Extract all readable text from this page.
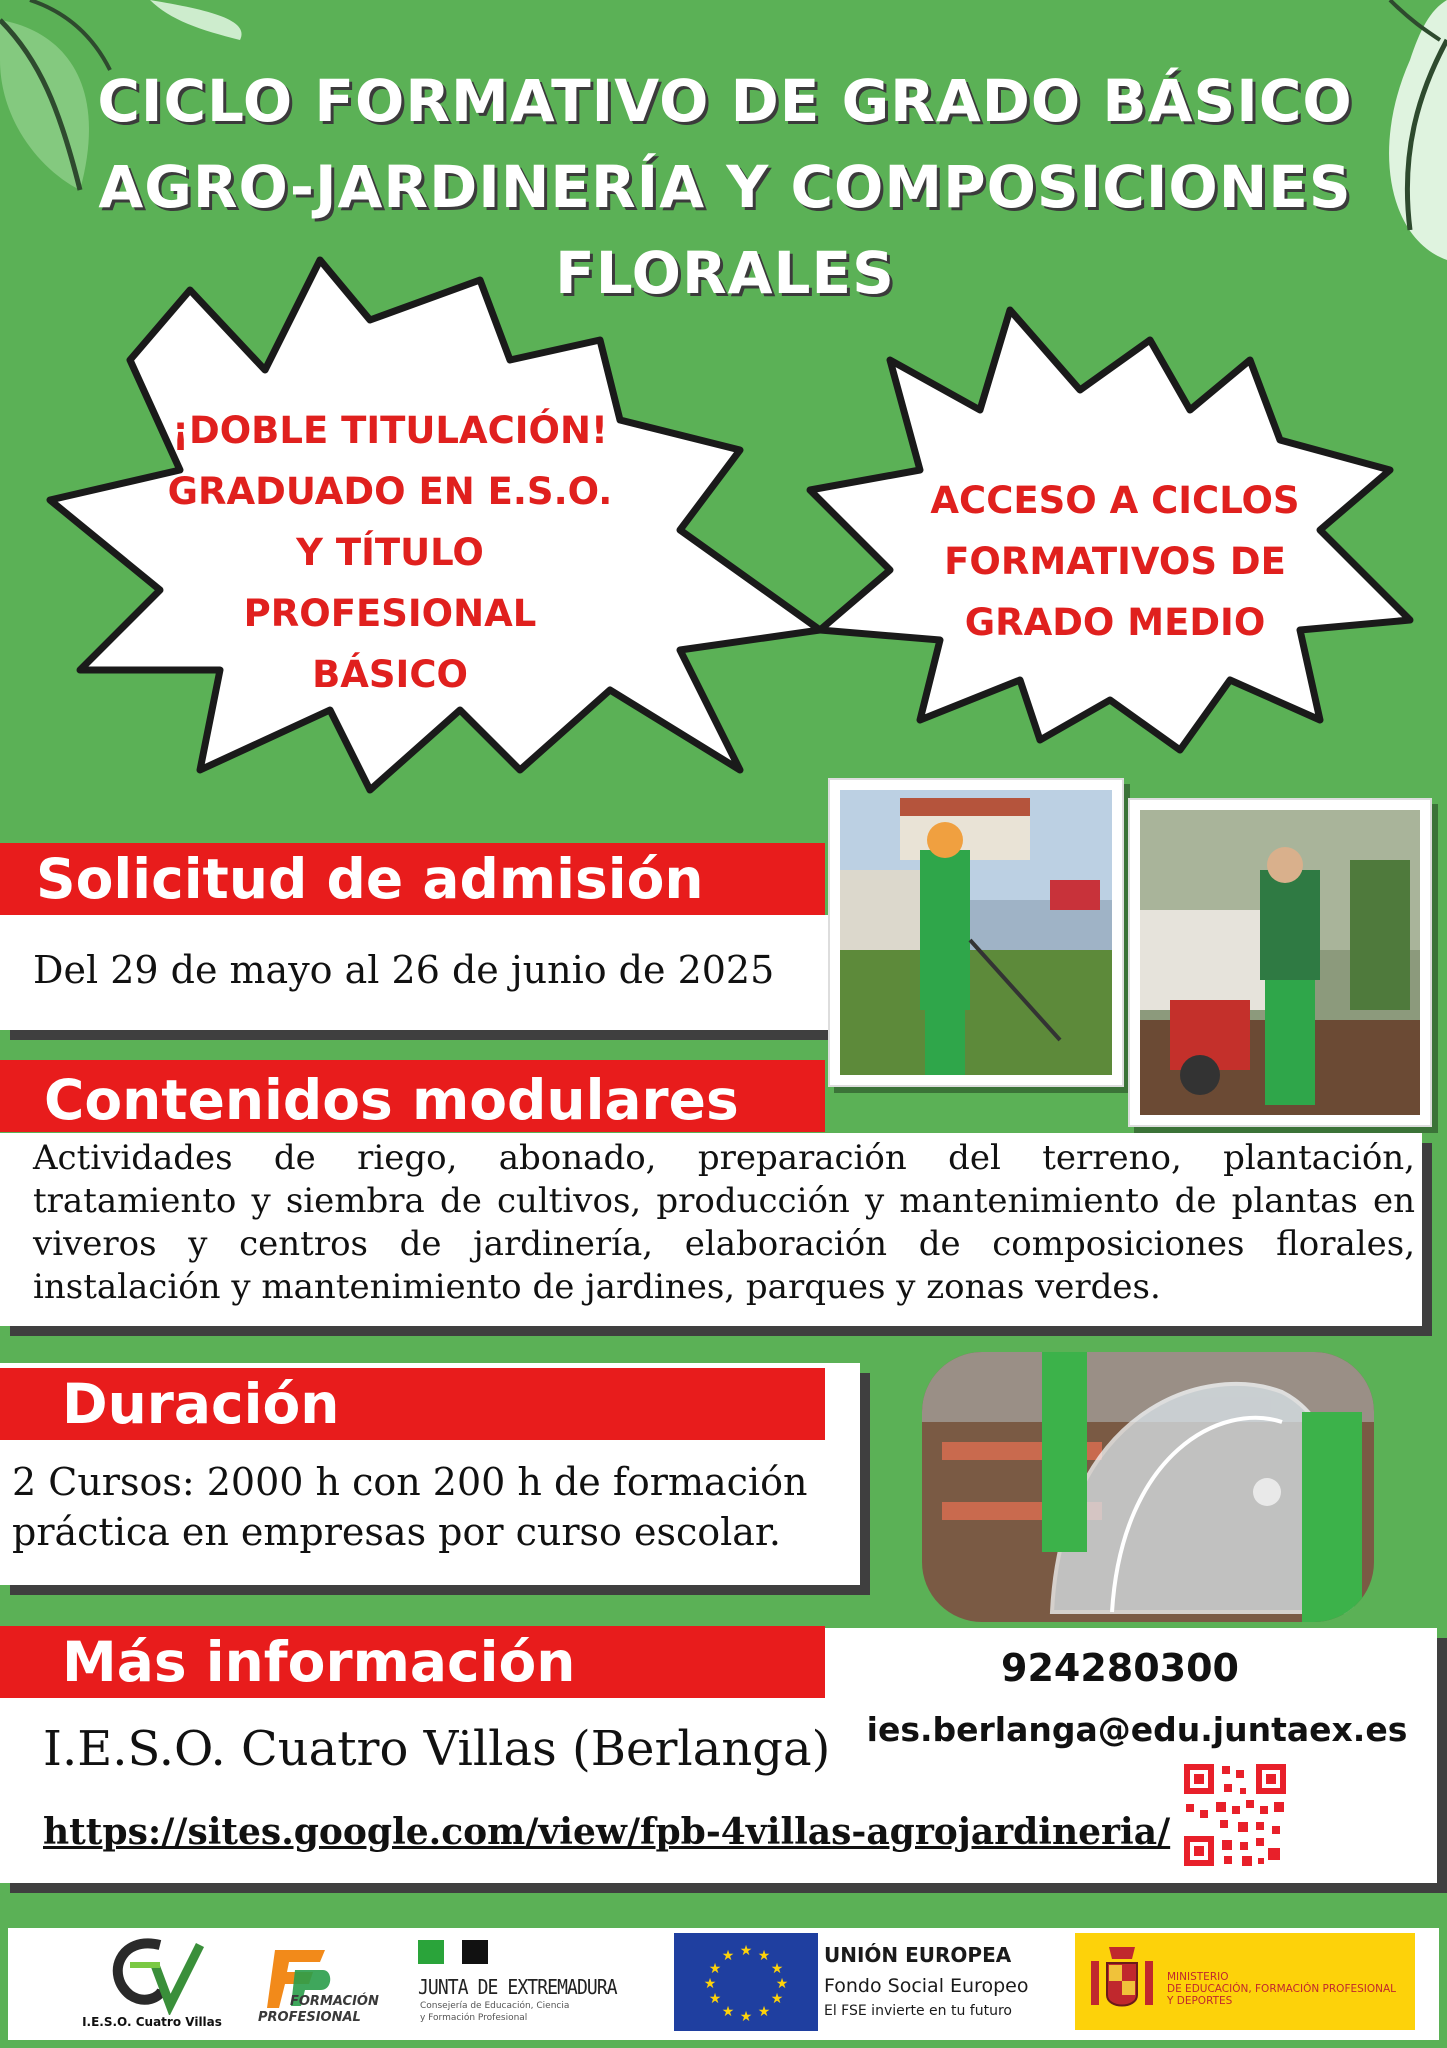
CICLO FORMATIVO DE GRADO BÁSICO
AGRO-JARDINERÍA Y COMPOSICIONES
FLORALES
¡DOBLE TITULACIÓN!
GRADUADO EN E.S.O.
Y TÍTULO
PROFESIONAL
BÁSICO
ACCESO A CICLOS
FORMATIVOS DE
GRADO MEDIO
Solicitud de admisión
Del 29 de mayo al 26 de junio de 2025
Contenidos modulares
Actividades de riego, abonado, preparación del terreno, plantación, tratamiento y siembra de cultivos, producción y mantenimiento de plantas en viveros y centros de jardinería, elaboración de composiciones florales, instalación y mantenimiento de jardines, parques y zonas verdes.
Duración
2 Cursos: 2000 h con 200 h de formación
práctica en empresas por curso escolar.
Más información
I.E.S.O. Cuatro Villas (Berlanga)
924280300
ies.berlanga@edu.juntaex.es
https://sites.google.com/view/fpb-4villas-agrojardineria/
I.E.S.O. Cuatro Villas
FORMACIÓN
PROFESIONAL
JUNTA DE EXTREMADURA
Consejería de Educación, Ciencia
y Formación Profesional
★ ★
★
★
★
★
★
★
★
★
★
★	UNIÓN EUROPEA
Fondo Social Europeo
El FSE invierte en tu futuro
MINISTERIO
DE EDUCACIÓN, FORMACIÓN PROFESIONAL
Y DEPORTES
